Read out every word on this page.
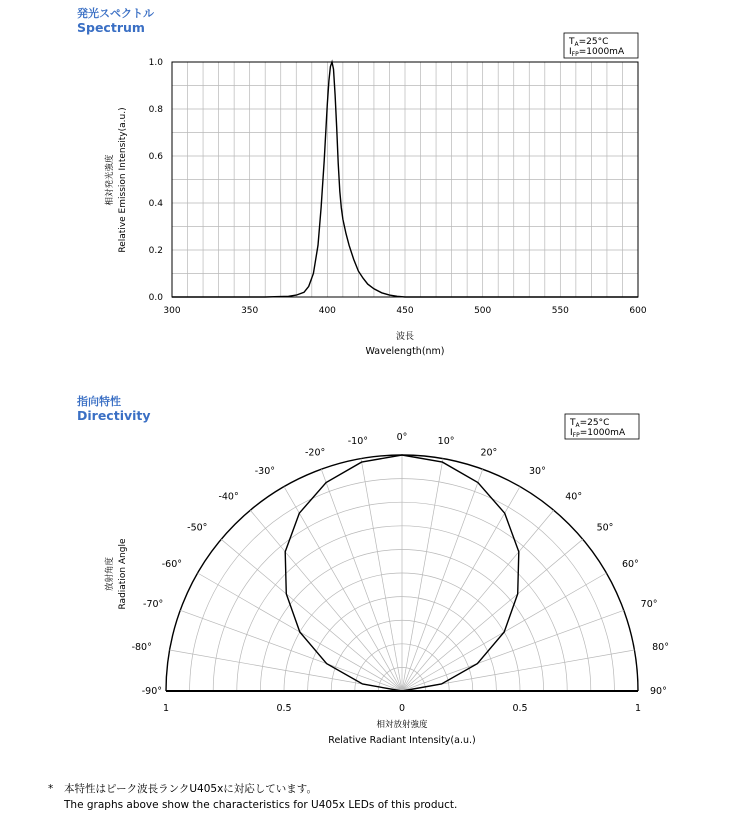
発光スペクトル
Spectrum
300	350	400	450	500	550	600
0.0
0.2
0.4
0.6
0.8
1.0
$T_A=25^\circ C$
$I_{FP}=1000mA$
波長
Wavelength(nm)
相対発光強度 Relative Emission Intensity(a.u.)
指向特性
Directivity
-90°
-80°
-70°
-60°
-50°
-40°
-30°
-20°
-10°	0°	10°
20°
30°
40°
50°
60°
70°
80°
90°
1	0.5	0	0.5	1
$T_A=25^\circ C$
$I_{FP}=1000mA$
相対放射強度
Relative Radiant Intensity(a.u.)
放射角度 Radiation Angle
* 本特性はピーク波長ランクU405xに対応しています。
The graphs above show the characteristics for U405x LEDs of this product.
